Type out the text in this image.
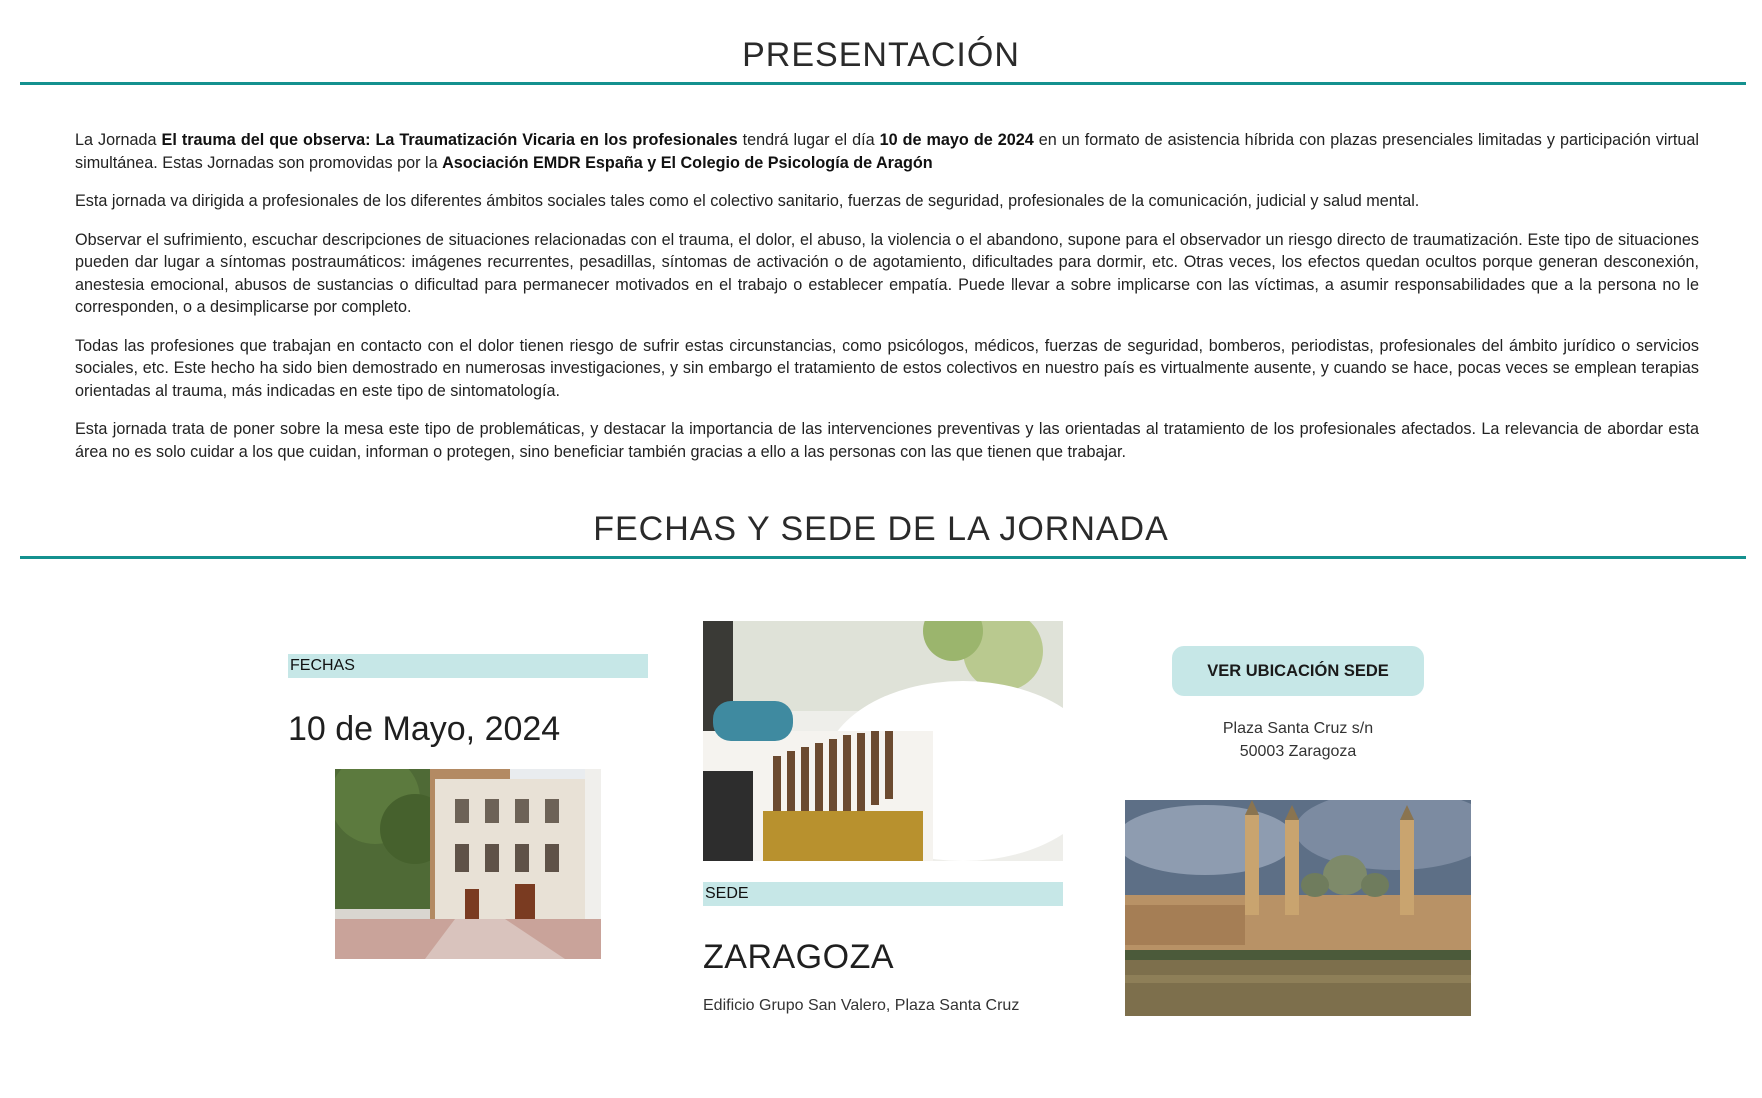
PRESENTACIÓN

La Jornada El trauma del que observa: La Traumatización Vicaria en los profesionales tendrá lugar el día 10 de mayo de 2024 en un formato de asistencia híbrida con plazas presenciales limitadas y participación virtual simultánea. Estas Jornadas son promovidas por la Asociación EMDR España y El Colegio de Psicología de Aragón

Esta jornada va dirigida a profesionales de los diferentes ámbitos sociales tales como el colectivo sanitario, fuerzas de seguridad, profesionales de la comunicación, judicial y salud mental.

Observar el sufrimiento, escuchar descripciones de situaciones relacionadas con el trauma, el dolor, el abuso, la violencia o el abandono, supone para el observador un riesgo directo de traumatización. Este tipo de situaciones pueden dar lugar a síntomas postraumáticos: imágenes recurrentes, pesadillas, síntomas de activación o de agotamiento, dificultades para dormir, etc. Otras veces, los efectos quedan ocultos porque generan desconexión, anestesia emocional, abusos de sustancias o dificultad para permanecer motivados en el trabajo o establecer empatía. Puede llevar a sobre implicarse con las víctimas, a asumir responsabilidades que a la persona no le corresponden, o a desimplicarse por completo.

Todas las profesiones que trabajan en contacto con el dolor tienen riesgo de sufrir estas circunstancias, como psicólogos, médicos, fuerzas de seguridad, bomberos, periodistas, profesionales del ámbito jurídico o servicios sociales, etc. Este hecho ha sido bien demostrado en numerosas investigaciones, y sin embargo el tratamiento de estos colectivos en nuestro país es virtualmente ausente, y cuando se hace, pocas veces se emplean terapias orientadas al trauma, más indicadas en este tipo de sintomatología.

Esta jornada trata de poner sobre la mesa este tipo de problemáticas, y destacar la importancia de las intervenciones preventivas y las orientadas al tratamiento de los profesionales afectados. La relevancia de abordar esta área no es solo cuidar a los que cuidan, informan o protegen, sino beneficiar también gracias a ello a las personas con las que tienen que trabajar.

FECHAS Y SEDE DE LA JORNADA
FECHAS
10 de Mayo, 2024
SEDE
ZARAGOZA
Edificio Grupo San Valero, Plaza Santa Cruz
VER UBICACIÓN SEDE
Plaza Santa Cruz s/n
50003 Zaragoza
